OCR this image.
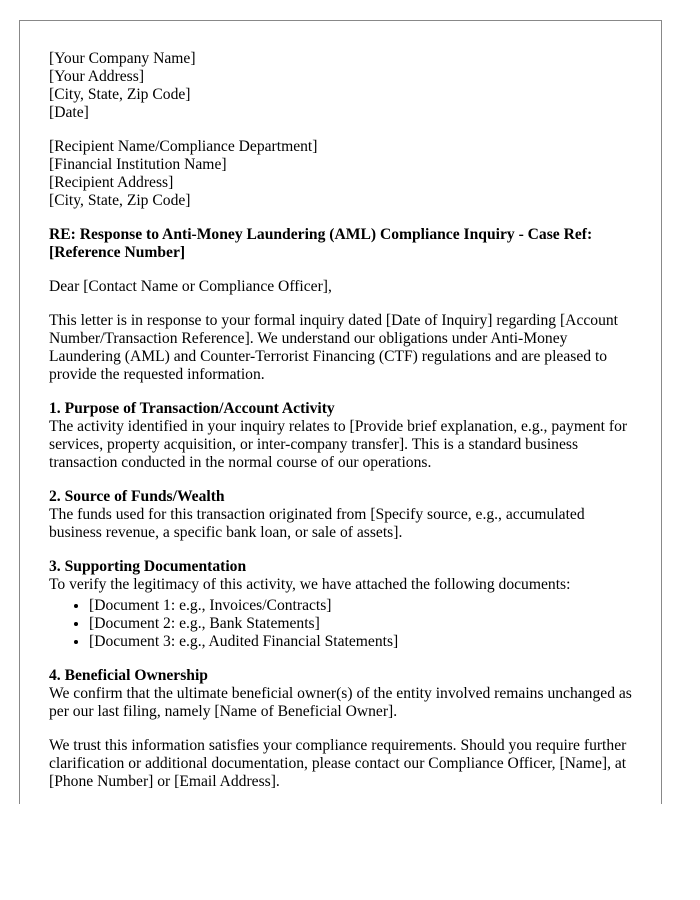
[Your Company Name]
[Your Address]
[City, State, Zip Code]
[Date]
[Recipient Name/Compliance Department]
[Financial Institution Name]
[Recipient Address]
[City, State, Zip Code]
RE: Response to Anti-Money Laundering (AML) Compliance Inquiry - Case Ref: [Reference Number]

Dear [Contact Name or Compliance Officer],

This letter is in response to your formal inquiry dated [Date of Inquiry] regarding [Account Number/Transaction Reference]. We understand our obligations under Anti-Money Laundering (AML) and Counter-Terrorist Financing (CTF) regulations and are pleased to provide the requested information.

1. Purpose of Transaction/Account Activity
The activity identified in your inquiry relates to [Provide brief explanation, e.g., payment for services, property acquisition, or inter-company transfer]. This is a standard business transaction conducted in the normal course of our operations.
2. Source of Funds/Wealth
The funds used for this transaction originated from [Specify source, e.g., accumulated business revenue, a specific bank loan, or sale of assets].
3. Supporting Documentation
To verify the legitimacy of this activity, we have attached the following documents:
• [Document 1: e.g., Invoices/Contracts]
• [Document 2: e.g., Bank Statements]
• [Document 3: e.g., Audited Financial Statements]
4. Beneficial Ownership
We confirm that the ultimate beneficial owner(s) of the entity involved remains unchanged as per our last filing, namely [Name of Beneficial Owner].

We trust this information satisfies your compliance requirements. Should you require further clarification or additional documentation, please contact our Compliance Officer, [Name], at [Phone Number] or [Email Address].
